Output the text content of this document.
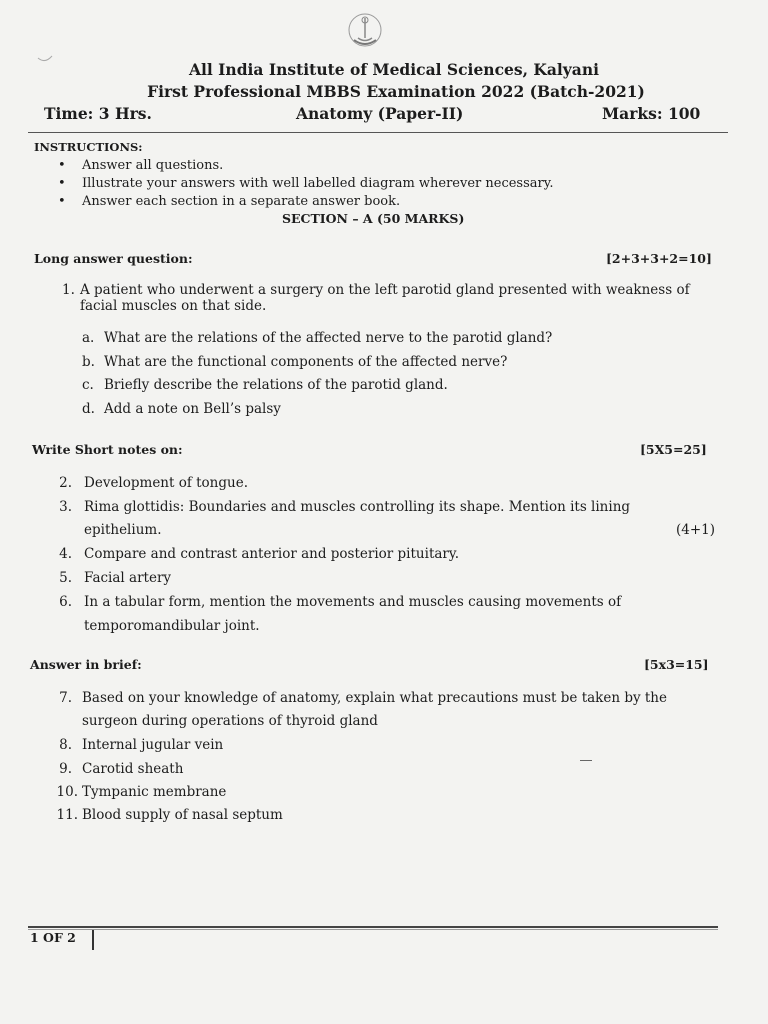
All India Institute of Medical Sciences, Kalyani
First Professional MBBS Examination 2022 (Batch-2021)
Time: 3 Hrs.	Anatomy (Paper-II)	Marks: 100
INSTRUCTIONS:
• Answer all questions.
• Illustrate your answers with well labelled diagram wherever necessary.
• Answer each section in a separate answer book.
SECTION – A (50 MARKS)
Long answer question:	[2+3+3+2=10]
1. A patient who underwent a surgery on the left parotid gland presented with weakness of
facial muscles on that side.
a. What are the relations of the affected nerve to the parotid gland?
b. What are the functional components of the affected nerve?
c. Briefly describe the relations of the parotid gland.
d. Add a note on Bell’s palsy
Write Short notes on:	[5X5=25]
2. Development of tongue.
3. Rima glottidis: Boundaries and muscles controlling its shape. Mention its lining
epithelium.	(4+1)
4. Compare and contrast anterior and posterior pituitary.
5. Facial artery
6. In a tabular form, mention the movements and muscles causing movements of
temporomandibular joint.
Answer in brief:	[5x3=15]
7. Based on your knowledge of anatomy, explain what precautions must be taken by the
surgeon during operations of thyroid gland
8. Internal jugular vein
9. Carotid sheath
10. Tympanic membrane
11. Blood supply of nasal septum
1 OF 2
